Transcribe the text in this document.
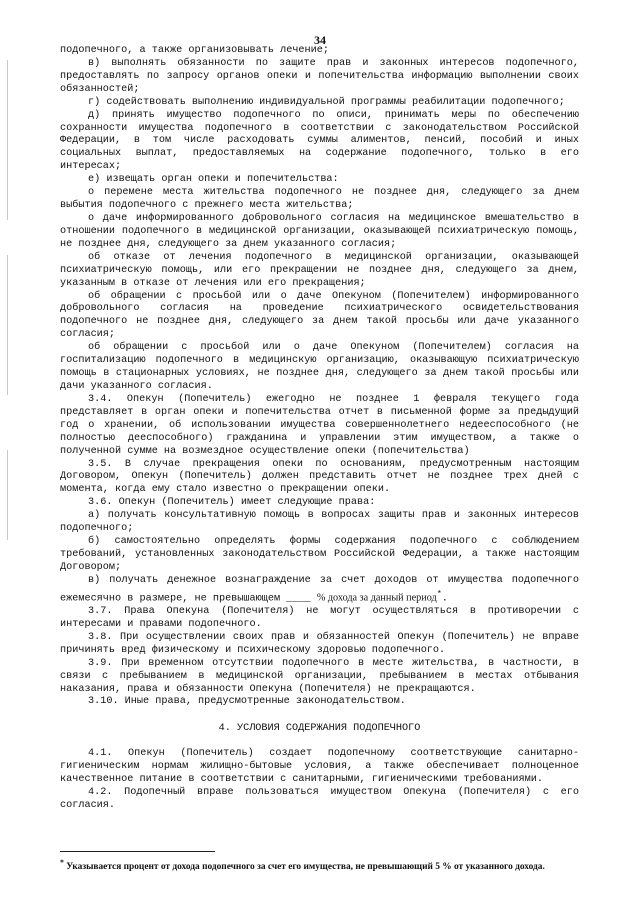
34

подопечного, а также организовывать лечение;

в) выполнять обязанности по защите прав и законных интересов подопечного, предоставлять по запросу органов опеки и попечительства информацию выполнении своих обязанностей;

г) содействовать выполнению индивидуальной программы реабилитации подопечного;

д) принять имущество подопечного по описи, принимать меры по обеспечению сохранности имущества подопечного в соответствии с законодательством Российской Федерации, в том числе расходовать суммы алиментов, пенсий, пособий и иных социальных выплат, предоставляемых на содержание подопечного, только в его интересах;

е) извещать орган опеки и попечительства:

о перемене места жительства подопечного не позднее дня, следующего за днем выбытия подопечного с прежнего места жительства;

о даче информированного добровольного согласия на медицинское вмешательство в отношении подопечного в медицинской организации, оказывающей психиатрическую помощь, не позднее дня, следующего за днем указанного согласия;

об отказе от лечения подопечного в медицинской организации, оказывающей психиатрическую помощь, или его прекращении не позднее дня, следующего за днем, указанным в отказе от лечения или его прекращения;

об обращении с просьбой или о даче Опекуном (Попечителем) информированного добровольного согласия на проведение психиатрического освидетельствования подопечного не позднее дня, следующего за днем такой просьбы или даче указанного согласия;

об обращении с просьбой или о даче Опекуном (Попечителем) согласия на госпитализацию подопечного в медицинскую организацию, оказывающую психиатрическую помощь в стационарных условиях, не позднее дня, следующего за днем такой просьбы или дачи указанного согласия.

3.4. Опекун (Попечитель) ежегодно не позднее 1 февраля текущего года представляет в орган опеки и попечительства отчет в письменной форме за предыдущий год о хранении, об использовании имущества совершеннолетнего недееспособного (не полностью дееспособного) гражданина и управлении этим имуществом, а также о полученной сумме на возмездное осуществление опеки (попечительства)

3.5. В случае прекращения опеки по основаниям, предусмотренным настоящим Договором, Опекун (Попечитель) должен представить отчет не позднее трех дней с момента, когда ему стало известно о прекращении опеки.

3.6. Опекун (Попечитель) имеет следующие права:

а) получать консультативную помощь в вопросах защиты прав и законных интересов подопечного;

б) самостоятельно определять формы содержания подопечного с соблюдением требований, установленных законодательством Российской Федерации, а также настоящим Договором;

в) получать денежное вознаграждение за счет доходов от имущества подопечного ежемесячно в размере, не превышающем ____ % дохода за данный период*.

3.7. Права Опекуна (Попечителя) не могут осуществляться в противоречии с интересами и правами подопечного.

3.8. При осуществлении своих прав и обязанностей Опекун (Попечитель) не вправе причинять вред физическому и психическому здоровью подопечного.

3.9. При временном отсутствии подопечного в месте жительства, в частности, в связи с пребыванием в медицинской организации, пребыванием в местах отбывания наказания, права и обязанности Опекуна (Попечителя) не прекращаются.

3.10. Иные права, предусмотренные законодательством.

4. УСЛОВИЯ СОДЕРЖАНИЯ ПОДОПЕЧНОГО

4.1. Опекун (Попечитель) создает подопечному соответствующие санитарно-гигиеническим нормам жилищно-бытовые условия, а также обеспечивает полноценное качественное питание в соответствии с санитарными, гигиеническими требованиями.

4.2. Подопечный вправе пользоваться имуществом Опекуна (Попечителя) с его согласия.

* Указывается процент от дохода подопечного за счет его имущества, не превышающий 5 % от указанного дохода.
